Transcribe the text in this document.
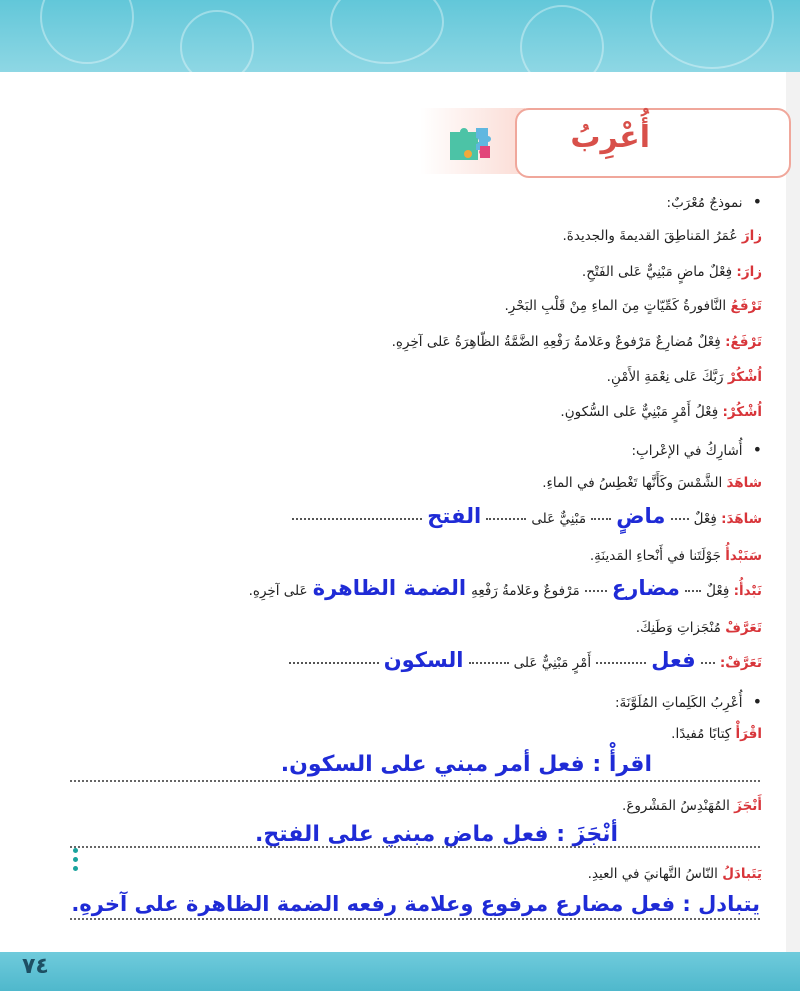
أُعْرِبُ
• نموذجٌ مُعْرَبٌ:
زارَ عُمَرُ المَناطِقَ القديمةَ والجديدةَ.
زارَ: فِعْلٌ ماضٍ مَبْنِيٌّ عَلى الفَتْحِ.
تَرْفَعُ النَّافورةُ كَمِّيّاتٍ مِنَ الماءِ مِنْ قَلْبِ البَحْرِ.
تَرْفَعُ: فِعْلٌ مُضارِعٌ مَرْفوعٌ وعَلامةُ رَفْعِهِ الضَّمَّةُ الظّاهِرَةُ عَلى آخِرِهِ.
اُشْكُرْ رَبَّكَ عَلى نِعْمَةِ الأَمْنِ.
اُشْكُرْ: فِعْلُ أَمْرٍ مَبْنِيٌّ عَلى السُّكونِ.
• أُشارِكُ في الإعْرابِ:
شاهَدَ الشَّمْسَ وكَأَنَّها تَغْطِسُ في الماءِ.
شاهَدَ: فِعْلٌ  ماضٍ  مَبْنِيٌّ عَلى  الفتح
سَنَبْدأُ جَوْلَتَنا في أَنْحاءِ المَدينَةِ.
نَبْدأُ: فِعْلٌ  مضارع  مَرْفوعٌ وعَلامةُ رَفْعِهِ الضمة الظاهرة عَلى آخِرِهِ.
تَعَرَّفْ مُنْجَزاتِ وَطَنِكَ.
تَعَرَّفْ:  فعل  أَمْرٍ مَبْنِيٌّ عَلى  السكون
• أُعْرِبُ الكَلِماتِ المُلَوَّنَةَ:
اقْرَأْ كِتابًا مُفيدًا.
اقرأْ : فعل أمر مبني على السكون.
أَنْجَزَ المُهَنْدِسُ المَشْروعَ.
أنْجَزَ : فعل ماض مبني على الفتح.
يَتَبادَلُ النّاسُ التَّهانيَ في العيدِ.
يتبادل : فعل مضارع مرفوع وعلامة رفعه الضمة الظاهرة على آخرهِ.
٧٤
